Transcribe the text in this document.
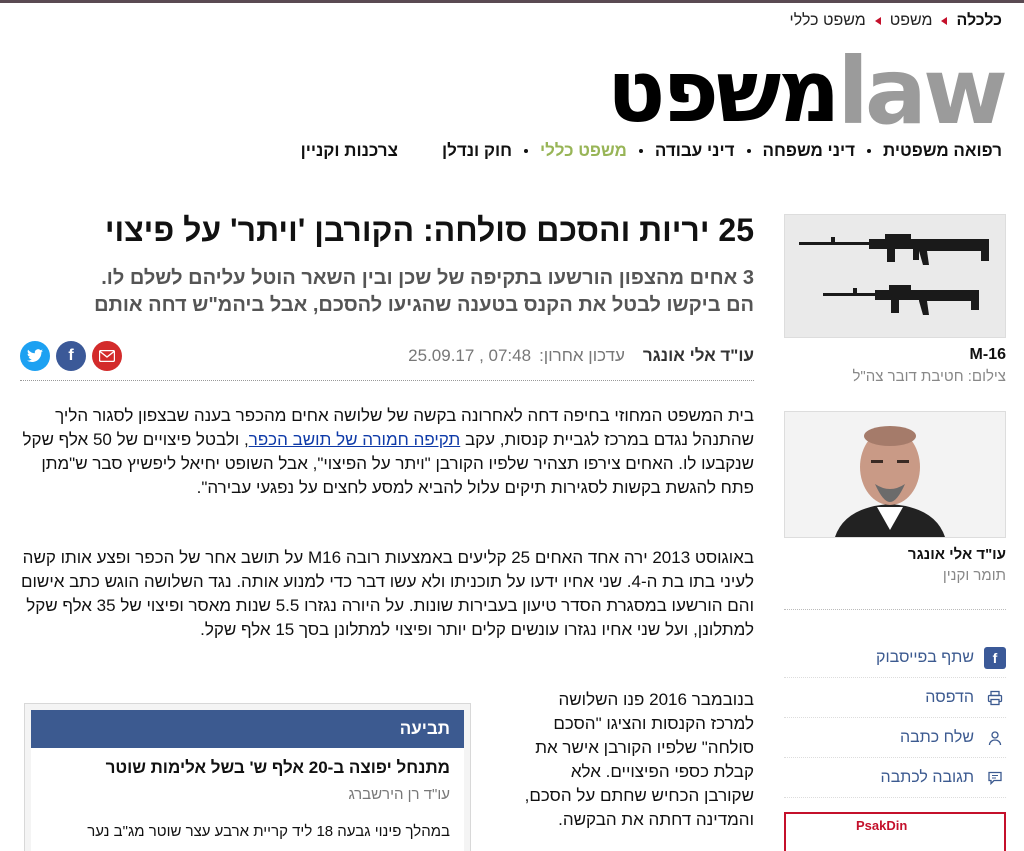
כלכלה
משפט
משפט כללי
משפט law
רפואה משפטית
דיני משפחה
דיני עבודה
משפט כללי
חוק ונדלן
צרכנות וקניין
25 יריות והסכם סולחה: הקורבן 'ויתר' על פיצוי
3 אחים מהצפון הורשעו בתקיפה של שכן ובין השאר הוטל עליהם לשלם לו.
הם ביקשו לבטל את הקנס בטענה שהגיעו להסכם, אבל ביהמ"ש דחה אותם
עו"ד אלי אונגר
עדכון אחרון:
25.09.17 , 07:48
f

בית המשפט המחוזי בחיפה דחה לאחרונה בקשה של שלושה אחים מהכפר בענה שבצפון לסגור הליך שהתנהל נגדם במרכז לגביית קנסות, עקב תקיפה חמורה של תושב הכפר, ולבטל פיצויים של 50 אלף שקל שנקבעו לו. האחים צירפו תצהיר שלפיו הקורבן "ויתר על הפיצוי", אבל השופט יחיאל ליפשיץ סבר ש"מתן פתח להגשת בקשות לסגירות תיקים עלול להביא למסע לחצים על נפגעי עבירה".

באוגוסט 2013 ירה אחד האחים 25 קליעים באמצעות רובה M16 על תושב אחר של הכפר ופצע אותו קשה לעיני בתו בת ה-4. שני אחיו ידעו על תוכניתו ולא עשו דבר כדי למנוע אותה. נגד השלושה הוגש כתב אישום והם הורשעו במסגרת הסדר טיעון בעבירות שונות. על היורה נגזרו 5.5 שנות מאסר ופיצוי של 35 אלף שקל למתלונן, ועל שני אחיו נגזרו עונשים קלים יותר ופיצוי למתלונן בסך 15 אלף שקל.

בנובמבר 2016 פנו השלושה למרכז הקנסות והציגו "הסכם סולחה" שלפיו הקורבן אישר את קבלת כספי הפיצויים. אלא שקורבן הכחיש שחתם על הסכם, והמדינה דחתה את הבקשה.

תביעה
מתנחל יפוצה ב-20 אלף ש' בשל אלימות שוטר
עו"ד רן הירשברג
במהלך פינוי גבעה 18 ליד קריית ארבע עצר שוטר מג"ב נער
M-16
צילום: חטיבת דובר צה"ל
עו"ד אלי אונגר
תומר וקנין
f
שתף בפייסבוק
הדפסה
שלח כתבה
תגובה לכתבה
PsakDin
